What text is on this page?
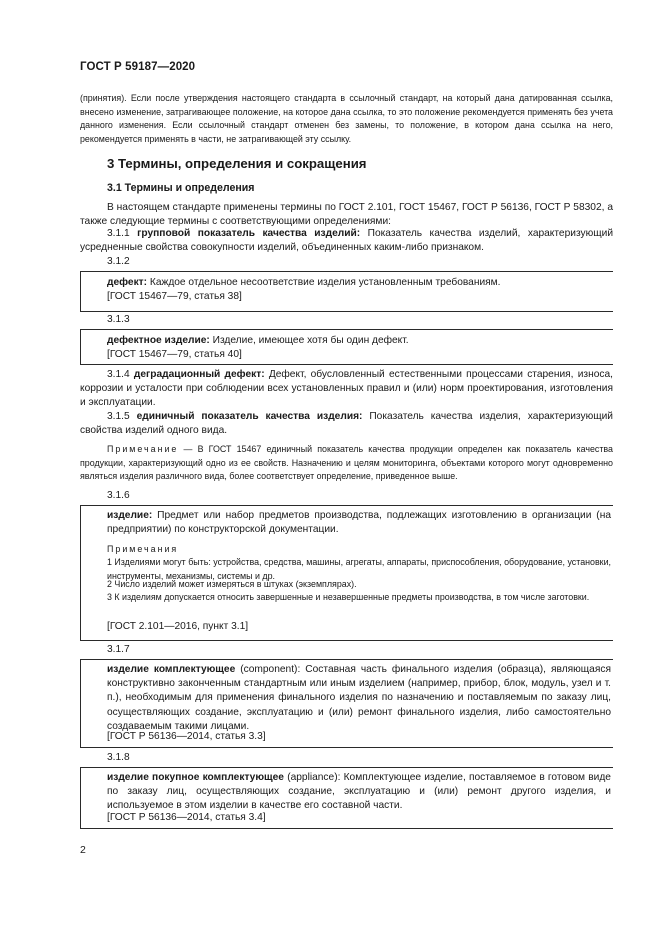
ГОСТ Р 59187—2020

(принятия). Если после утверждения настоящего стандарта в ссылочный стандарт, на который дана датированная ссылка, внесено изменение, затрагивающее положение, на которое дана ссылка, то это положение рекомендуется применять без учета данного изменения. Если ссылочный стандарт отменен без замены, то положение, в котором дана ссылка на него, рекомендуется применять в части, не затрагивающей эту ссылку.

3 Термины, определения и сокращения
3.1 Термины и определения

В настоящем стандарте применены термины по ГОСТ 2.101, ГОСТ 15467, ГОСТ Р 56136, ГОСТ Р 58302, а также следующие термины с соответствующими определениями:

3.1.1 групповой показатель качества изделий: Показатель качества изделий, характеризующий усредненные свойства совокупности изделий, объединенных каким-либо признаком.

3.1.2

дефект: Каждое отдельное несоответствие изделия установленным требованиям.

[ГОСТ 15467—79, статья 38]

3.1.3

дефектное изделие: Изделие, имеющее хотя бы один дефект.

[ГОСТ 15467—79, статья 40]

3.1.4 деградационный дефект: Дефект, обусловленный естественными процессами старения, износа, коррозии и усталости при соблюдении всех установленных правил и (или) норм проектирования, изготовления и эксплуатации.

3.1.5 единичный показатель качества изделия: Показатель качества изделия, характеризующий свойства изделий одного вида.

Примечание — В ГОСТ 15467 единичный показатель качества продукции определен как показатель качества продукции, характеризующий одно из ее свойств. Назначению и целям мониторинга, объектами которого могут одновременно являться изделия различного вида, более соответствует определение, приведенное выше.

3.1.6

изделие: Предмет или набор предметов производства, подлежащих изготовлению в организации (на предприятии) по конструкторской документации.

Примечания

1 Изделиями могут быть: устройства, средства, машины, агрегаты, аппараты, приспособления, оборудование, установки, инструменты, механизмы, системы и др.

2 Число изделий может измеряться в штуках (экземплярах).

3 К изделиям допускается относить завершенные и незавершенные предметы производства, в том числе заготовки.

[ГОСТ 2.101—2016, пункт 3.1]

3.1.7

изделие комплектующее (component): Составная часть финального изделия (образца), являющаяся конструктивно законченным стандартным или иным изделием (например, прибор, блок, модуль, узел и т. п.), необходимым для применения финального изделия по назначению и поставляемым по заказу лиц, осуществляющих создание, эксплуатацию и (или) ремонт финального изделия, либо самостоятельно создаваемым такими лицами.

[ГОСТ Р 56136—2014, статья 3.3]

3.1.8

изделие покупное комплектующее (appliance): Комплектующее изделие, поставляемое в готовом виде по заказу лиц, осуществляющих создание, эксплуатацию и (или) ремонт другого изделия, и используемое в этом изделии в качестве его составной части.

[ГОСТ Р 56136—2014, статья 3.4]

2
